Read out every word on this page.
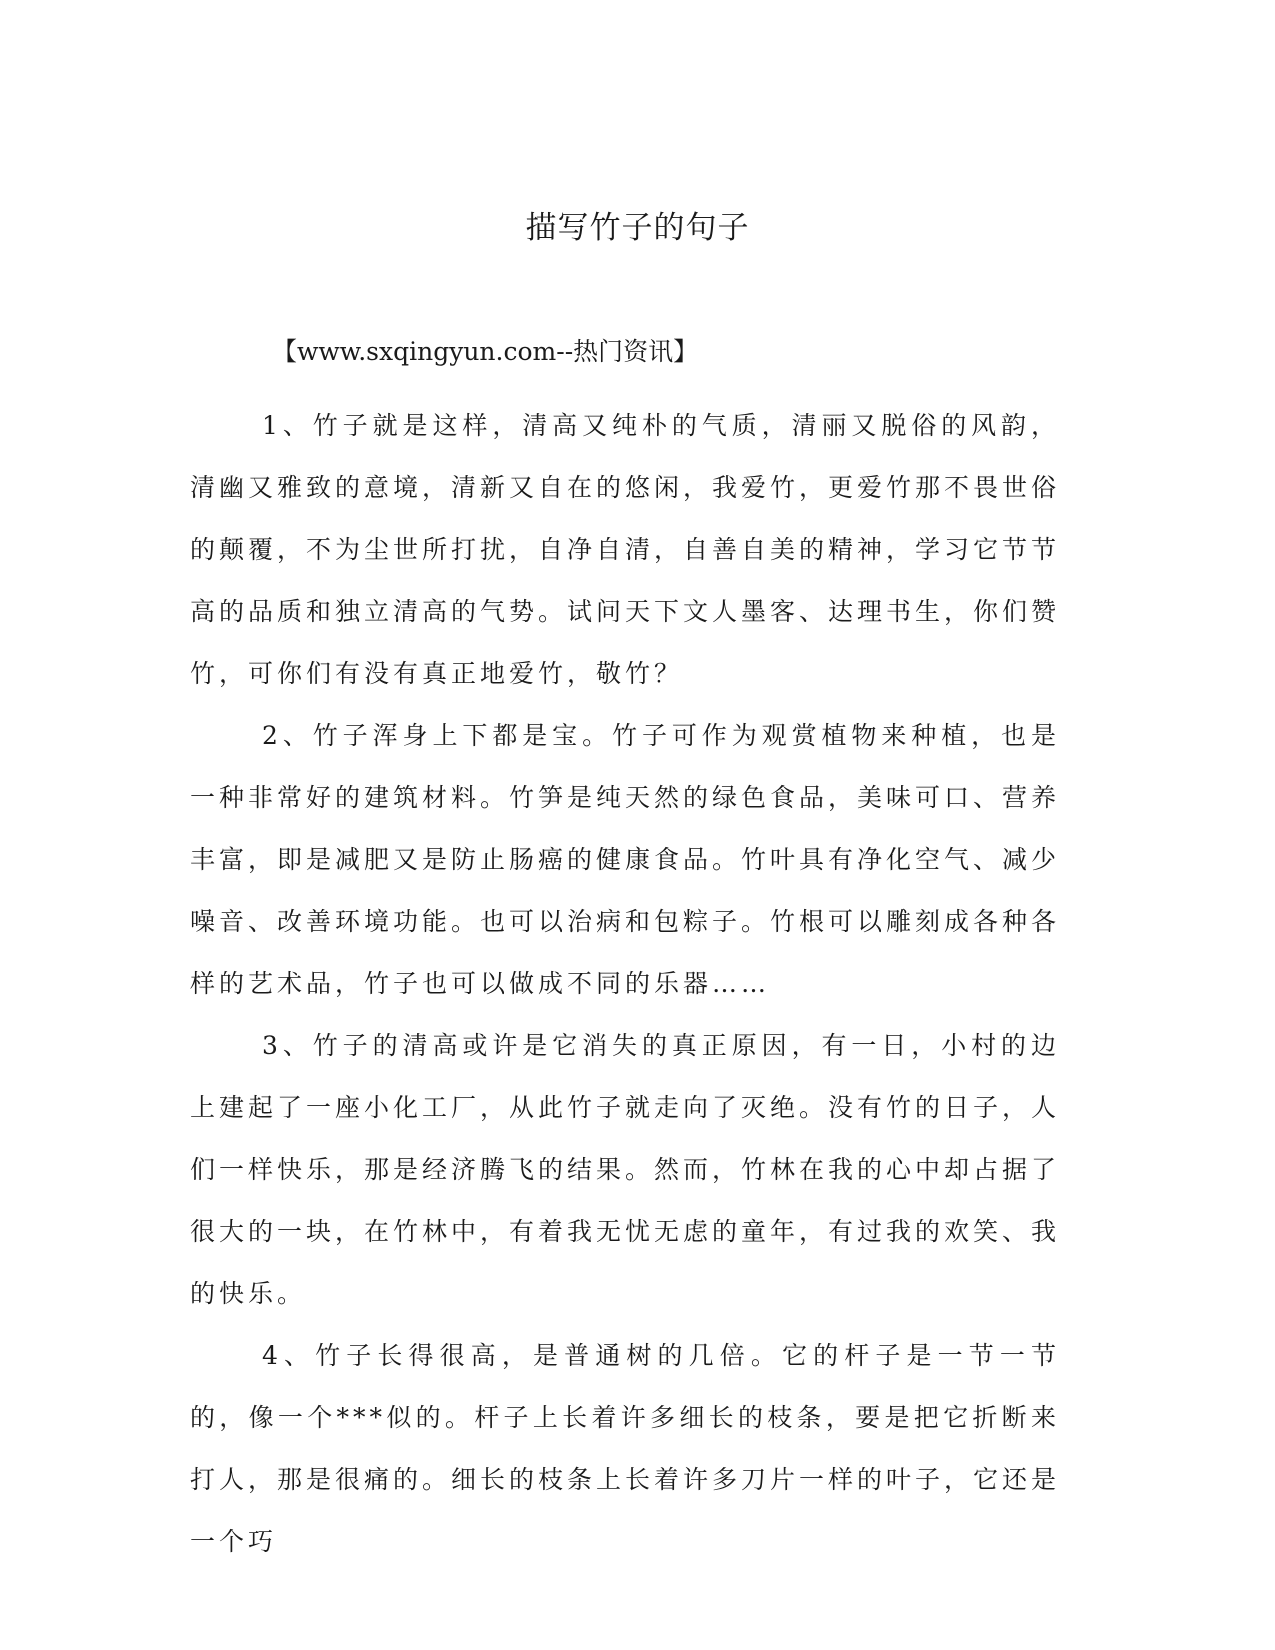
描写竹子的句子

【www.sxqingyun.com--热门资讯】

1、竹子就是这样，清高又纯朴的气质，清丽又脱俗的风韵，清幽又雅致的意境，清新又自在的悠闲，我爱竹，更爱竹那不畏世俗的颠覆，不为尘世所打扰，自净自清，自善自美的精神，学习它节节高的品质和独立清高的气势。试问天下文人墨客、达理书生，你们赞竹，可你们有没有真正地爱竹，敬竹？

2、竹子浑身上下都是宝。竹子可作为观赏植物来种植，也是一种非常好的建筑材料。竹笋是纯天然的绿色食品，美味可口、营养丰富，即是减肥又是防止肠癌的健康食品。竹叶具有净化空气、减少噪音、改善环境功能。也可以治病和包粽子。竹根可以雕刻成各种各样的艺术品，竹子也可以做成不同的乐器……

3、竹子的清高或许是它消失的真正原因，有一日，小村的边上建起了一座小化工厂，从此竹子就走向了灭绝。没有竹的日子，人们一样快乐，那是经济腾飞的结果。然而，竹林在我的心中却占据了很大的一块，在竹林中，有着我无忧无虑的童年，有过我的欢笑、我的快乐。

4、竹子长得很高，是普通树的几倍。它的杆子是一节一节的，像一个***似的。杆子上长着许多细长的枝条，要是把它折断来打人，那是很痛的。细长的枝条上长着许多刀片一样的叶子，它还是一个巧
